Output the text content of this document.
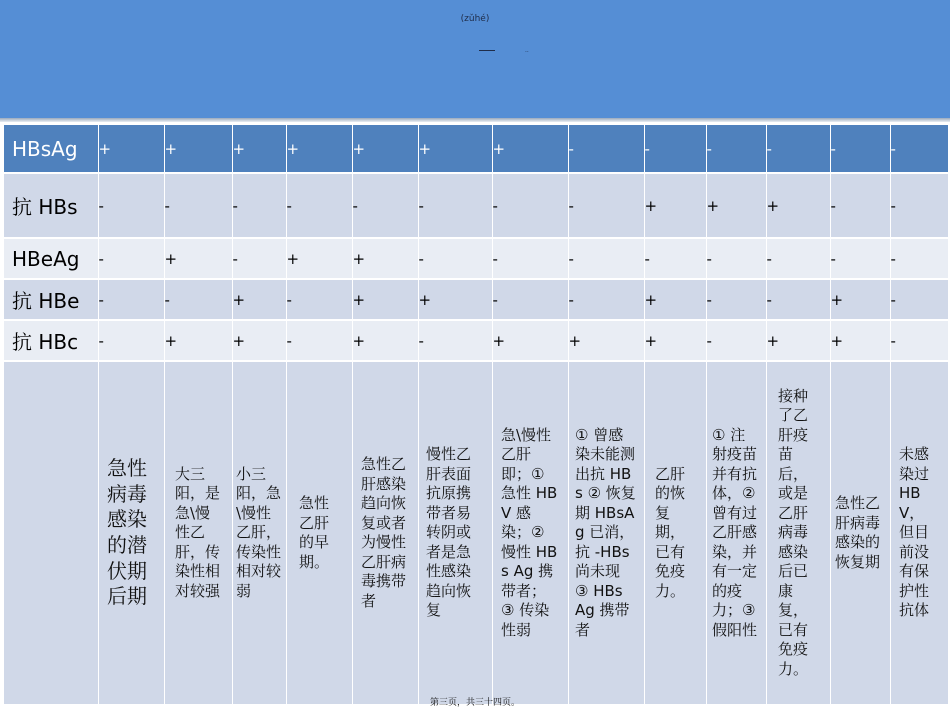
(zǔhé)
..
HBsAg	+	+	+	+	+	+	+	-	-	-	-	-	-
抗 HBs	-	-	-	-	-	-	-	-	+	+	+	-	-
HBeAg	-	+	-	+	+	-	-	-	-	-	-	-	-
抗 HBe	-	-	+	-	+	+	-	-	+	-	-	+	-
抗 HBc	-	+	+	-	+	-	+	+	+	-	+	+	-

	急性病毒感染的潜伏期后期	大三阳，是急\慢性乙肝，传染性相对较强	小三阳，急\慢性乙肝，传染性相对较弱	急性乙肝的早期。	急性乙肝感染趋向恢复或者为慢性乙肝病毒携带者	慢性乙肝表面抗原携带者易转阴或者是急性感染趋向恢复	急\慢性乙肝即；① 急性 HBV 感染；② 慢性 HBs Ag 携带者；③ 传染性弱	① 曾感染未能测出抗 HBs ② 恢复期 HBsAg 已消，抗 -HBs 尚未现 ③ HBs Ag 携带者	乙肝的恢复期，已有免疫力。	① 注射疫苗并有抗体，② 曾有过乙肝感染，并有一定的疫力；③ 假阳性	接种了乙肝疫苗后，或是乙肝病毒感染后已康复，已有免疫力。	急性乙肝病毒感染的恢复期	未感染过 HBV，但目前没有保护性抗体
第三页，共三十四页。
